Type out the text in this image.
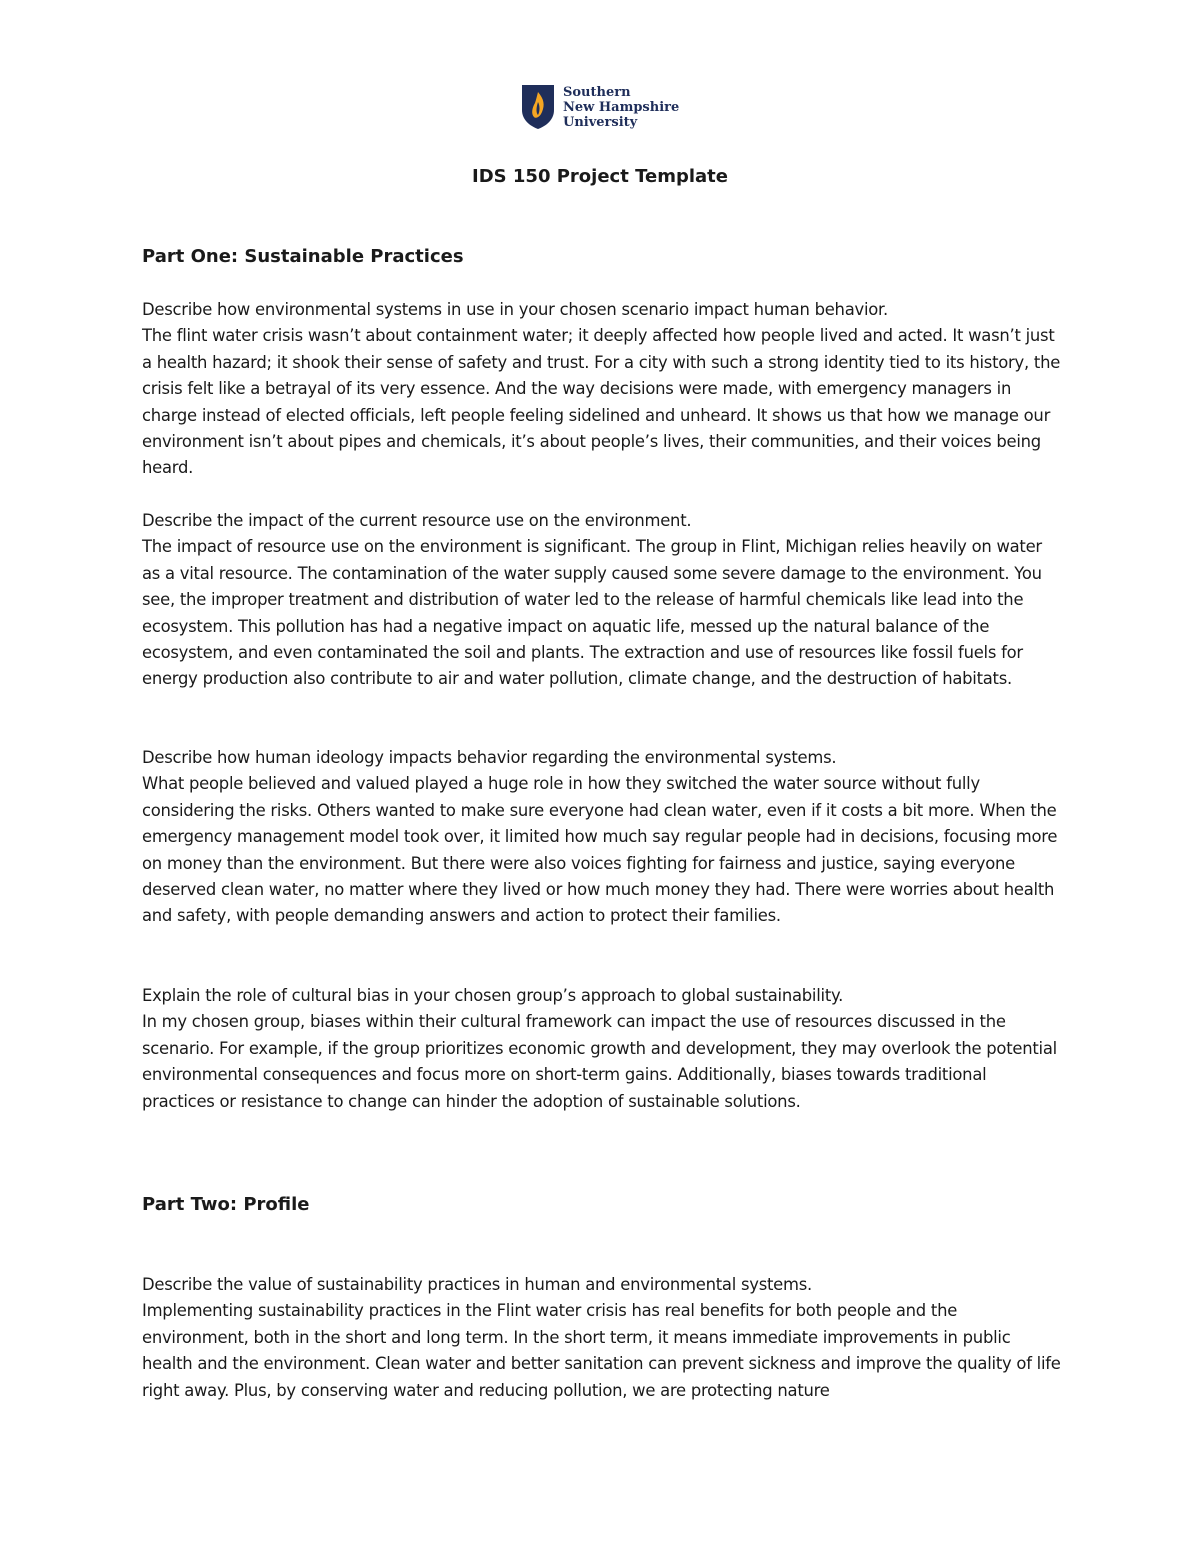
Southern
New Hampshire
University
IDS 150 Project Template
Part One: Sustainable Practices

Describe how environmental systems in use in your chosen scenario impact human behavior.

The flint water crisis wasn’t about containment water; it deeply affected how people lived and acted. It wasn’t just a health hazard; it shook their sense of safety and trust. For a city with such a strong identity tied to its history, the crisis felt like a betrayal of its very essence. And the way decisions were made, with emergency managers in charge instead of elected officials, left people feeling sidelined and unheard. It shows us that how we manage our environment isn’t about pipes and chemicals, it’s about people’s lives, their communities, and their voices being heard.

Describe the impact of the current resource use on the environment.

The impact of resource use on the environment is significant. The group in Flint, Michigan relies heavily on water as a vital resource. The contamination of the water supply caused some severe damage to the environment. You see, the improper treatment and distribution of water led to the release of harmful chemicals like lead into the ecosystem. This pollution has had a negative impact on aquatic life, messed up the natural balance of the ecosystem, and even contaminated the soil and plants. The extraction and use of resources like fossil fuels for energy production also contribute to air and water pollution, climate change, and the destruction of habitats.

Describe how human ideology impacts behavior regarding the environmental systems.

What people believed and valued played a huge role in how they switched the water source without fully considering the risks. Others wanted to make sure everyone had clean water, even if it costs a bit more. When the emergency management model took over, it limited how much say regular people had in decisions, focusing more on money than the environment. But there were also voices fighting for fairness and justice, saying everyone deserved clean water, no matter where they lived or how much money they had. There were worries about health and safety, with people demanding answers and action to protect their families.

Explain the role of cultural bias in your chosen group’s approach to global sustainability.

In my chosen group, biases within their cultural framework can impact the use of resources discussed in the scenario. For example, if the group prioritizes economic growth and development, they may overlook the potential environmental consequences and focus more on short-term gains. Additionally, biases towards traditional practices or resistance to change can hinder the adoption of sustainable solutions.

Part Two: Profile

Describe the value of sustainability practices in human and environmental systems.

Implementing sustainability practices in the Flint water crisis has real benefits for both people and the environment, both in the short and long term. In the short term, it means immediate improvements in public health and the environment. Clean water and better sanitation can prevent sickness and improve the quality of life right away. Plus, by conserving water and reducing pollution, we are protecting nature
